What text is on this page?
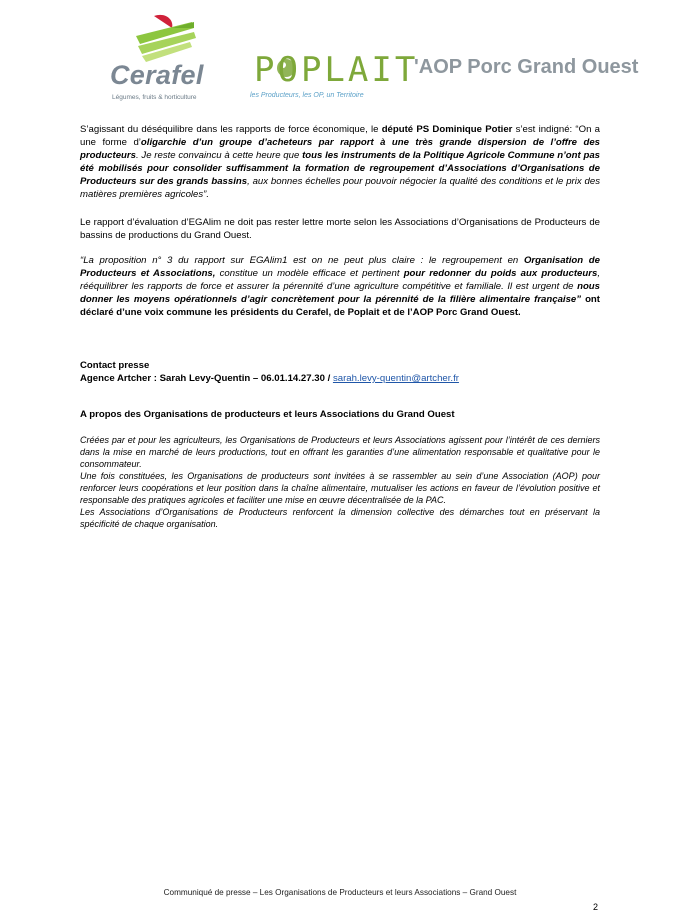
Cerafel
Légumes, fruits & horticulture
POPLAIT
les Producteurs, les OP, un Territoire
'AOP Porc Grand Ouest

S’agissant du déséquilibre dans les rapports de force économique, le député PS Dominique Potier s’est indigné: “On a une forme d’oligarchie d’un groupe d’acheteurs par rapport à une très grande dispersion de l’offre des producteurs. Je reste convaincu à cette heure que tous les instruments de la Politique Agricole Commune n’ont pas été mobilisés pour consolider suffisamment la formation de regroupement d’Associations d’Organisations de Producteurs sur des grands bassins, aux bonnes échelles pour pouvoir négocier la qualité des conditions et le prix des matières premières agricoles”.

Le rapport d’évaluation d’EGAlim ne doit pas rester lettre morte selon les Associations d’Organisations de Producteurs de bassins de productions du Grand Ouest.

“La proposition n° 3 du rapport sur EGAlim1 est on ne peut plus claire : le regroupement en Organisation de Producteurs et Associations, constitue un modèle efficace et pertinent pour redonner du poids aux producteurs, rééquilibrer les rapports de force et assurer la pérennité d’une agriculture compétitive et familiale. Il est urgent de nous donner les moyens opérationnels d’agir concrètement pour la pérennité de la filière alimentaire française” ont déclaré d’une voix commune les présidents du Cerafel, de Poplait et de l’AOP Porc Grand Ouest.

Contact presse

Agence Artcher : Sarah Levy-Quentin – 06.01.14.27.30 / sarah.levy-quentin@artcher.fr

A propos des Organisations de producteurs et leurs Associations du Grand Ouest

Créées par et pour les agriculteurs, les Organisations de Producteurs et leurs Associations agissent pour l’intérêt de ces derniers dans la mise en marché de leurs productions, tout en offrant les garanties d’une alimentation responsable et qualitative pour le consommateur.

Une fois constituées, les Organisations de producteurs sont invitées à se rassembler au sein d’une Association (AOP) pour renforcer leurs coopérations et leur position dans la chaîne alimentaire, mutualiser les actions en faveur de l’évolution positive et responsable des pratiques agricoles et faciliter une mise en œuvre décentralisée de la PAC.

Les Associations d’Organisations de Producteurs renforcent la dimension collective des démarches tout en préservant la spécificité de chaque organisation.

Communiqué de presse – Les Organisations de Producteurs et leurs Associations – Grand Ouest
2
